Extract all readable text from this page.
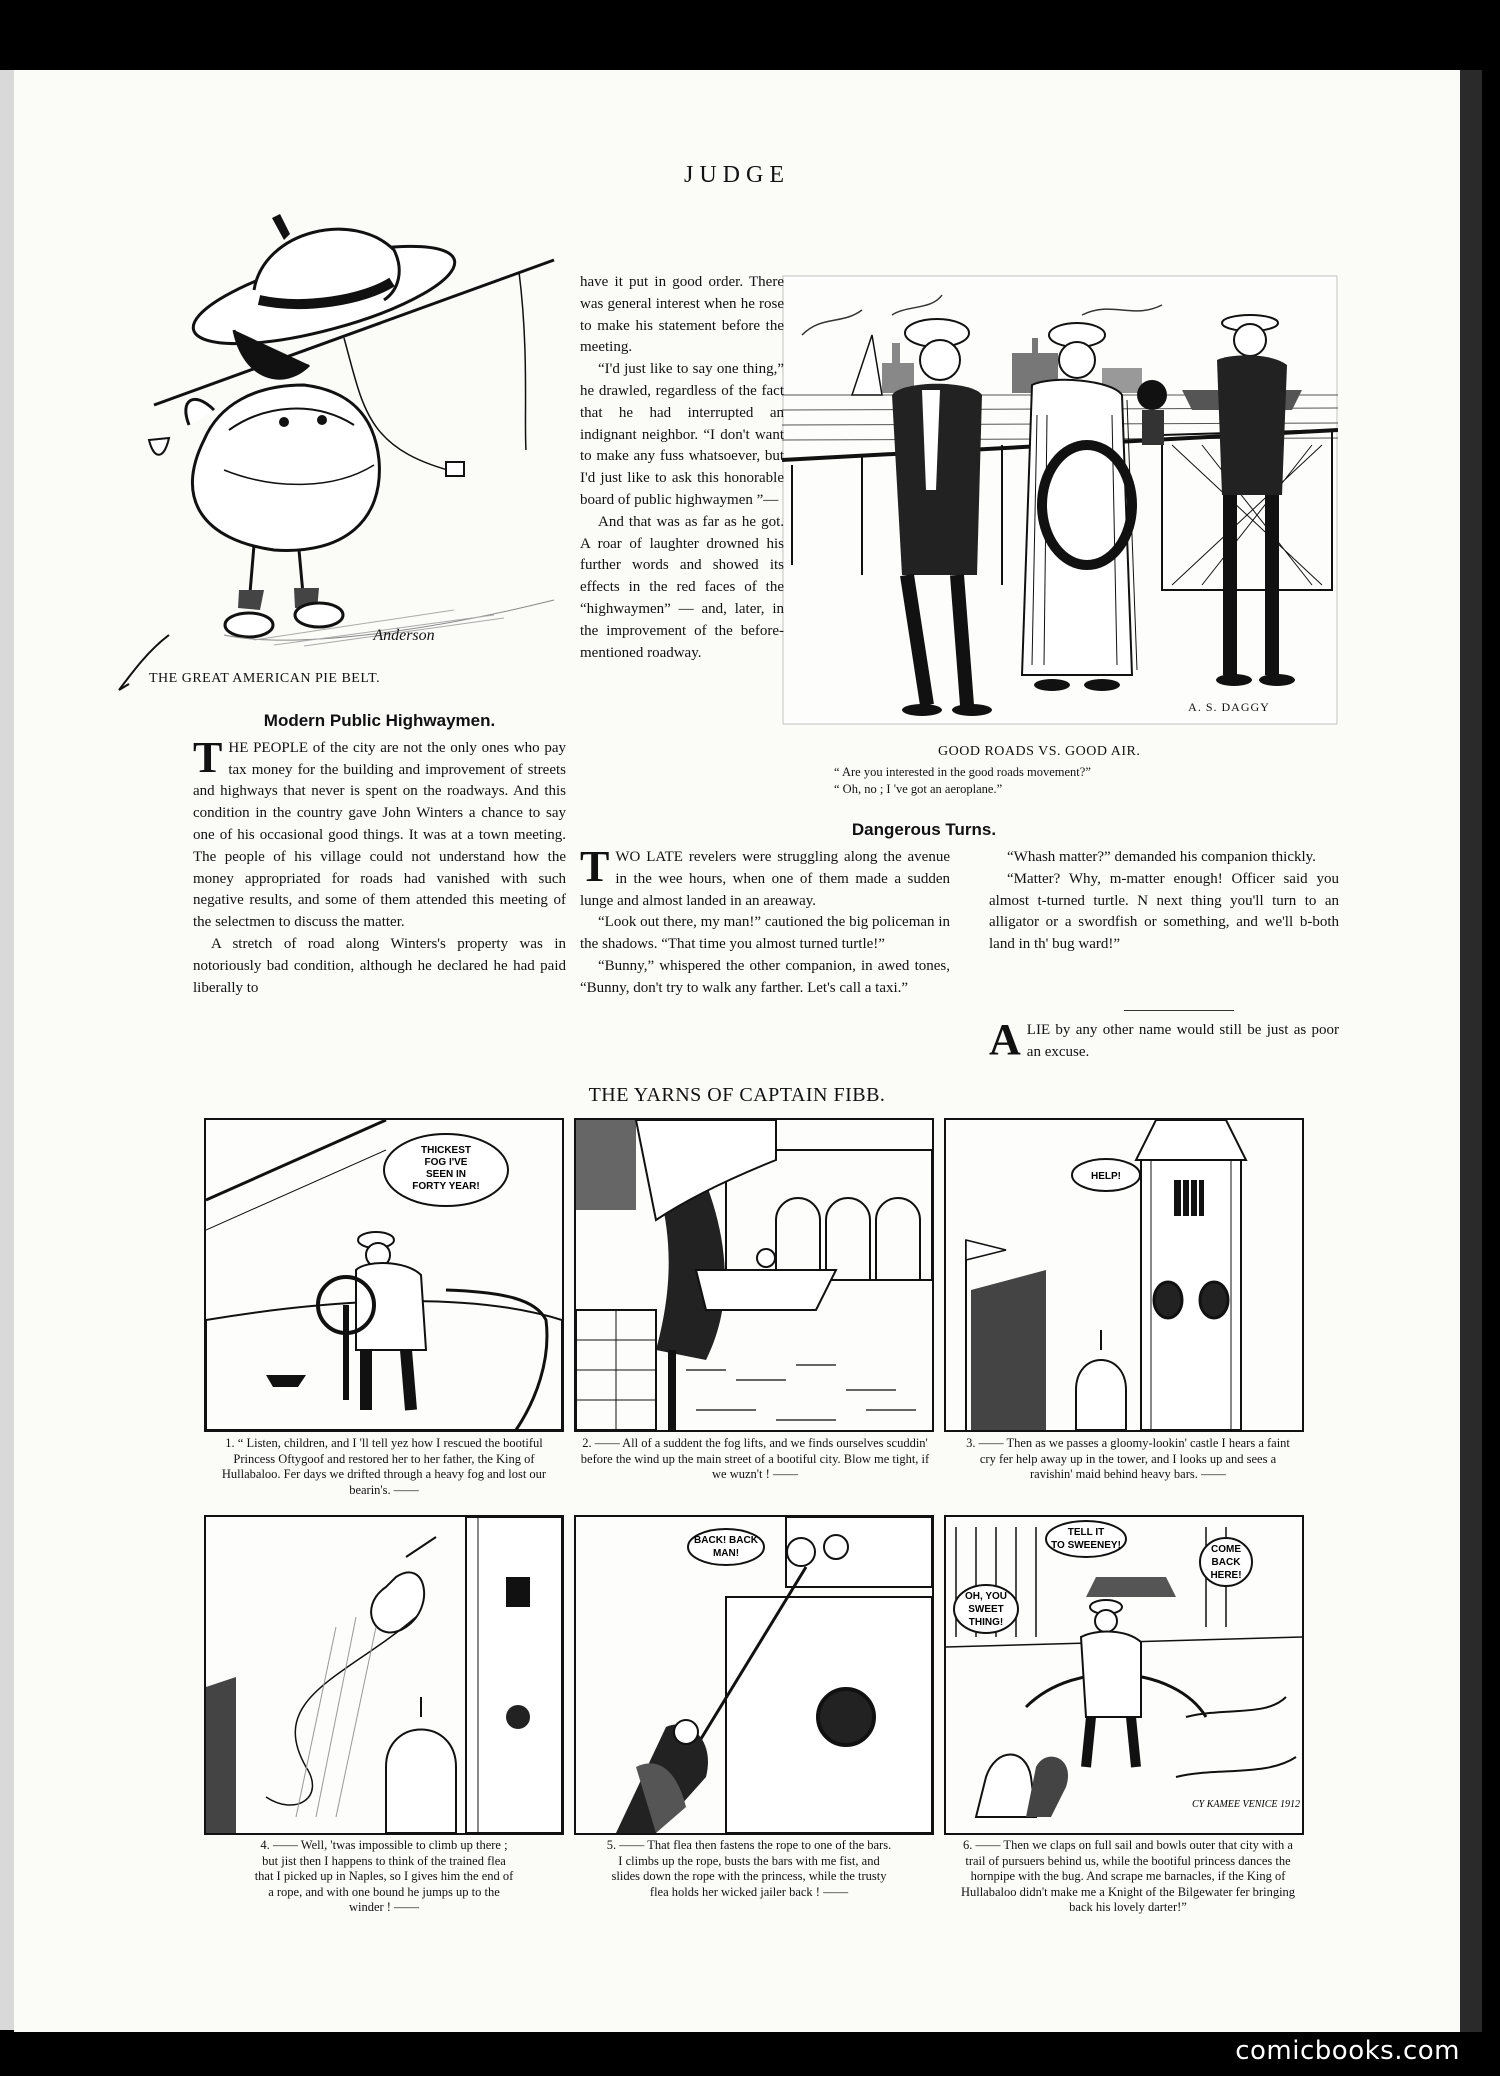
JUDGE
Anderson
THE GREAT AMERICAN PIE BELT.
A. S. DAGGY
GOOD ROADS VS. GOOD AIR.
“ Are you interested in the good roads movement?”
“ Oh, no ; I 've got an aeroplane.”
Modern Public Highwaymen.

THE PEOPLE of the city are not the only ones who pay tax money for the building and improvement of streets and highways that never is spent on the roadways. And this condition in the country gave John Winters a chance to say one of his occasional good things. It was at a town meeting. The people of his village could not understand how the money appropriated for roads had vanished with such negative results, and some of them attended this meeting of the selectmen to discuss the matter.

A stretch of road along Winters's property was in notoriously bad condition, although he declared he had paid liberally to

have it put in good order. There was general interest when he rose to make his statement before the meeting.

“I'd just like to say one thing,” he drawled, regardless of the fact that he had interrupted an indignant neighbor. “I don't want to make any fuss whatsoever, but I'd just like to ask this honorable board of public highwaymen ”—

And that was as far as he got. A roar of laughter drowned his further words and showed its effects in the red faces of the “highwaymen” — and, later, in the improvement of the before-mentioned roadway.

Dangerous Turns.

TWO LATE revelers were struggling along the avenue in the wee hours, when one of them made a sudden lunge and almost landed in an areaway.

“Look out there, my man!” cautioned the big policeman in the shadows. “That time you almost turned turtle!”

“Bunny,” whispered the other companion, in awed tones, “Bunny, don't try to walk any farther. Let's call a taxi.”

“Whash matter?” demanded his companion thickly.

“Matter? Why, m-matter enough! Officer said you almost t-turned turtle. N next thing you'll turn to an alligator or a swordfish or something, and we'll b-both land in th' bug ward!”

ALIE by any other name would still be just as poor an excuse.

THE YARNS OF CAPTAIN FIBB.
THICKEST
FOG I'VE
SEEN IN
FORTY YEAR!
1. “ Listen, children, and I 'll tell yez how I rescued the bootiful Princess Oftygoof and restored her to her father, the King of Hullabaloo. Fer days we drifted through a heavy fog and lost our bearin's. ——
2. —— All of a suddent the fog lifts, and we finds ourselves scuddin' before the wind up the main street of a bootiful city. Blow me tight, if we wuzn't ! ——
HELP!
3. —— Then as we passes a gloomy-lookin' castle I hears a faint cry fer help away up in the tower, and I looks up and sees a ravishin' maid behind heavy bars. ——
4. —— Well, 'twas impossible to climb up there ; but jist then I happens to think of the trained flea that I picked up in Naples, so I gives him the end of a rope, and with one bound he jumps up to the winder ! ——
BACK! BACK
MAN!
5. —— That flea then fastens the rope to one of the bars. I climbs up the rope, busts the bars with me fist, and slides down the rope with the princess, while the trusty flea holds her wicked jailer back ! ——
TELL IT
TO SWEENEY!
OH, YOU
SWEET
THING!
COME
BACK
HERE!
CY KAMEE VENICE 1912
6. —— Then we claps on full sail and bowls outer that city with a trail of pursuers behind us, while the bootiful princess dances the hornpipe with the bug. And scrape me barnacles, if the King of Hullabaloo didn't make me a Knight of the Bilgewater fer bringing back his lovely darter!”
comicbooks.com
